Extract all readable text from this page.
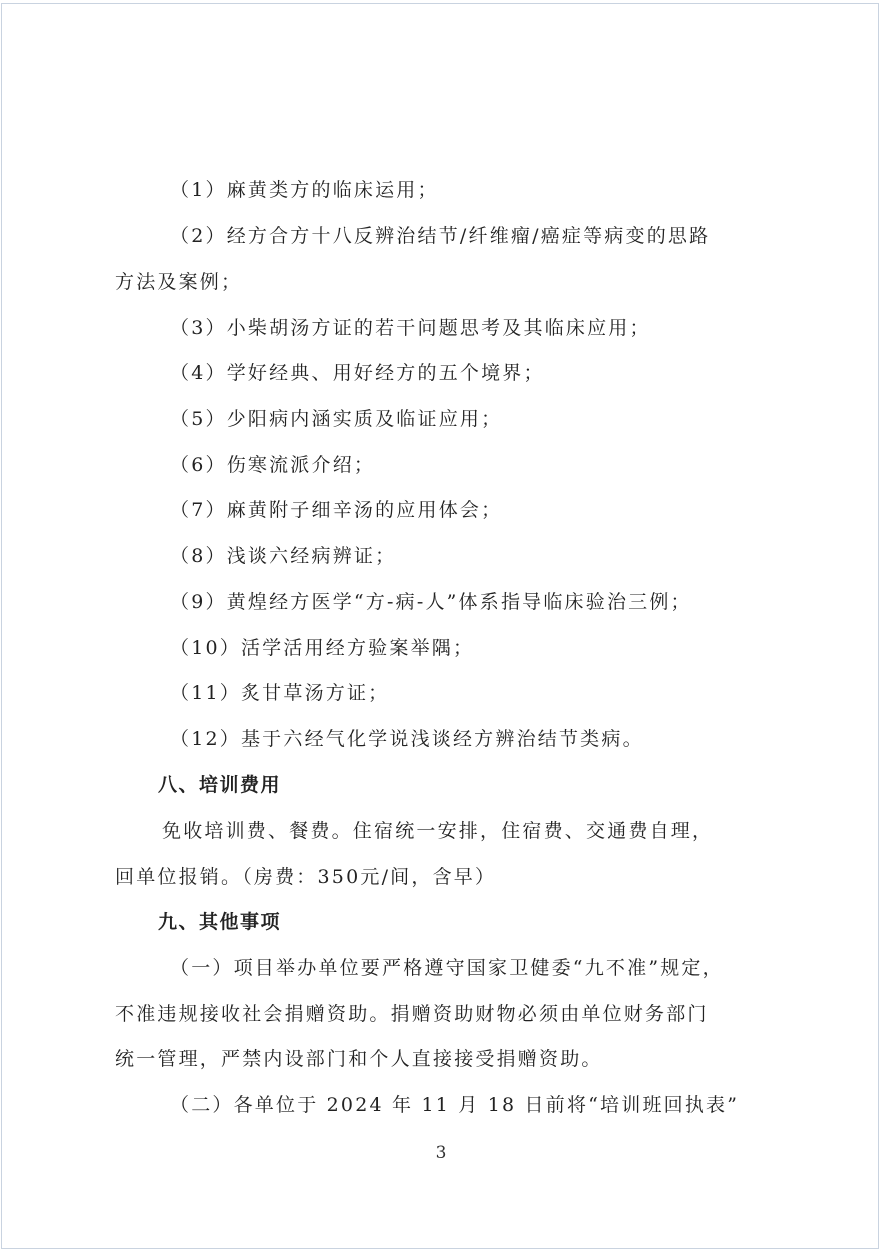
（1）麻黄类方的临床运用；
（2）经方合方十八反辨治结节/纤维瘤/癌症等病变的思路
方法及案例；
（3）小柴胡汤方证的若干问题思考及其临床应用；
（4）学好经典、用好经方的五个境界；
（5）少阳病内涵实质及临证应用；
（6）伤寒流派介绍；
（7）麻黄附子细辛汤的应用体会；
（8）浅谈六经病辨证；
（9）黄煌经方医学“方-病-人”体系指导临床验治三例；
（10）活学活用经方验案举隅；
（11）炙甘草汤方证；
（12）基于六经气化学说浅谈经方辨治结节类病。
八、培训费用
免收培训费、餐费。住宿统一安排，住宿费、交通费自理，
回单位报销。（房费：350元/间，含早）
九、其他事项
（一）项目举办单位要严格遵守国家卫健委“九不准”规定，
不准违规接收社会捐赠资助。捐赠资助财物必须由单位财务部门
统一管理，严禁内设部门和个人直接接受捐赠资助。
（二）各单位于 2024 年 11 月 18 日前将“培训班回执表”
3
